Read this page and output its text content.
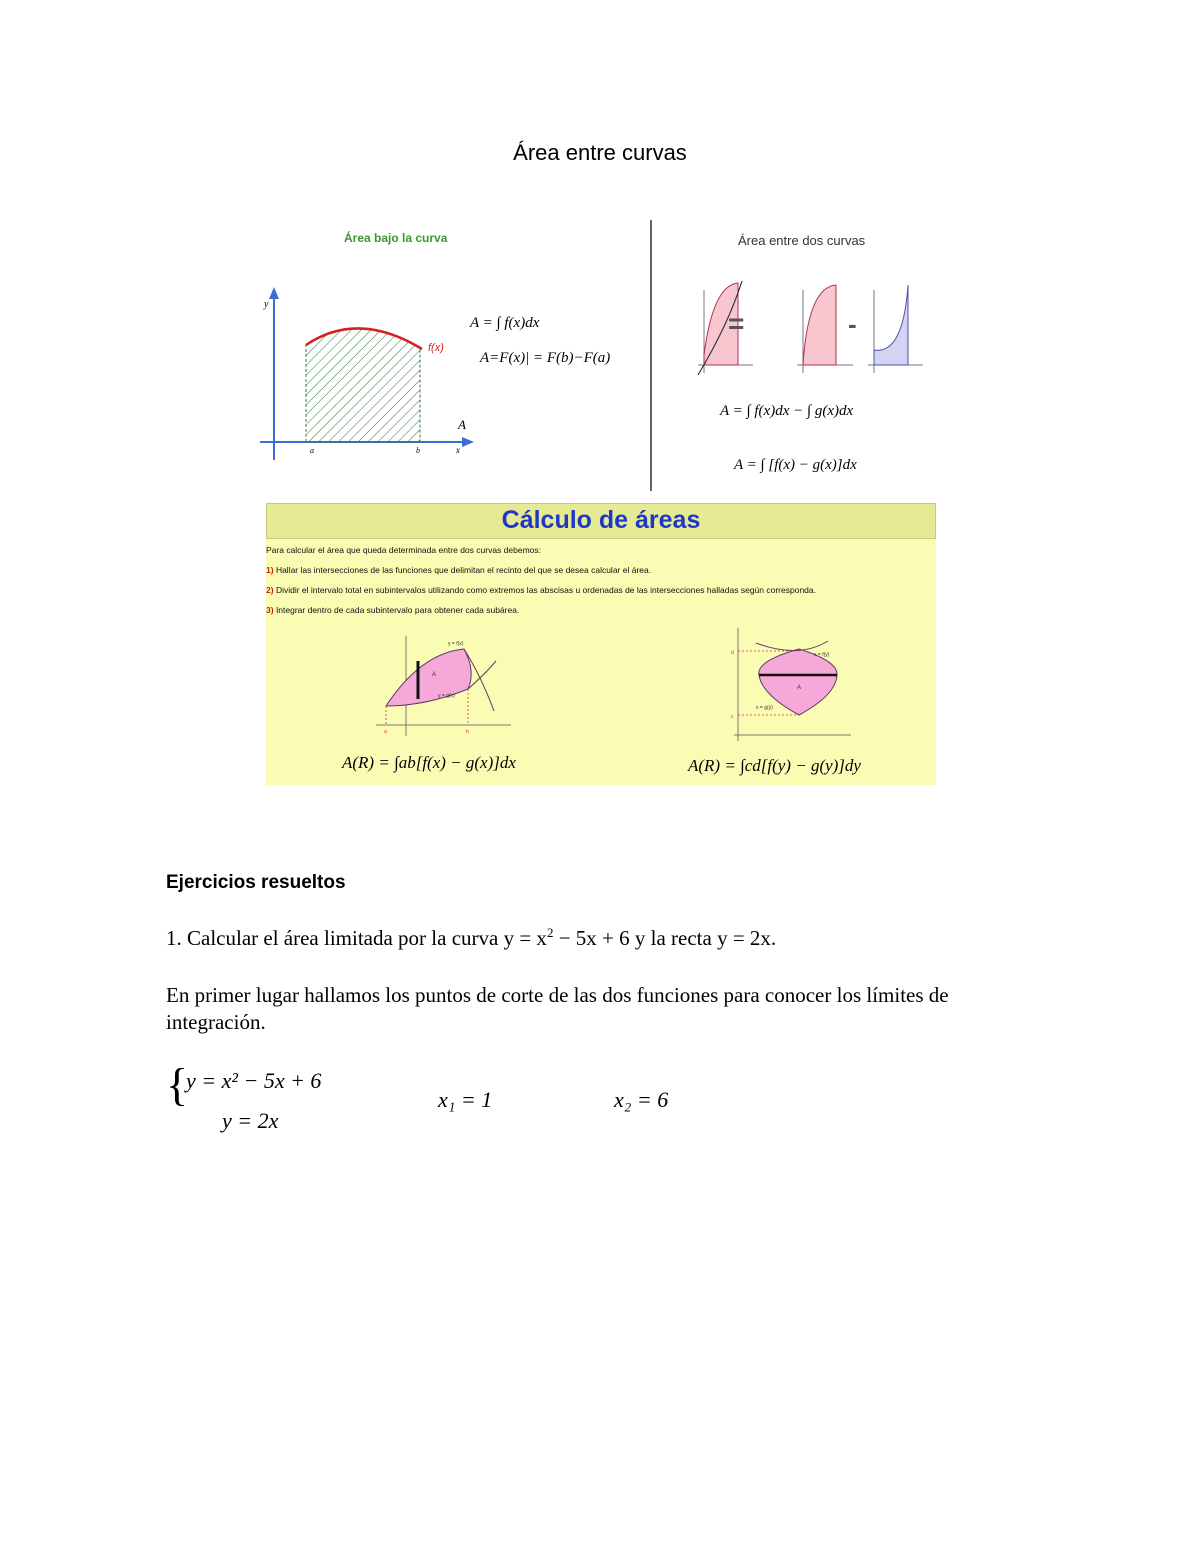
Área entre curvas
Área bajo la curva
y
x
f(x)
A
a	b
A = ∫ f(x)dx
A=F(x)| = F(b)−F(a)
Área entre dos curvas
=	-
A = ∫ f(x)dx − ∫ g(x)dx
A = ∫ [f(x) − g(x)]dx
Cálculo de áreas
Para calcular el área que queda determinada entre dos curvas debemos:
1) Hallar las intersecciones de las funciones que delimitan el recinto del que se desea calcular el área.
2) Dividir el intervalo total en subintervalos utilizando como extremos las abscisas u ordenadas de las intersecciones halladas según corresponda.
3) Integrar dentro de cada subintervalo para obtener cada subárea.
y = f(x)
y = g(x)
A
a	b
x = f(y)
x = g(y)
A
d
c
A(R) = ∫ab[f(x) − g(x)]dx	A(R) = ∫cd[f(y) − g(y)]dy
Ejercicios resueltos
1. Calcular el área limitada por la curva $y = x^2 - 5x + 6$ y la recta y = 2x.
En primer lugar hallamos los puntos de corte de las dos funciones para conocer los límites de integración.
{
y = x² − 5x + 6
y = 2x
x₁ = 1	x₂ = 6
